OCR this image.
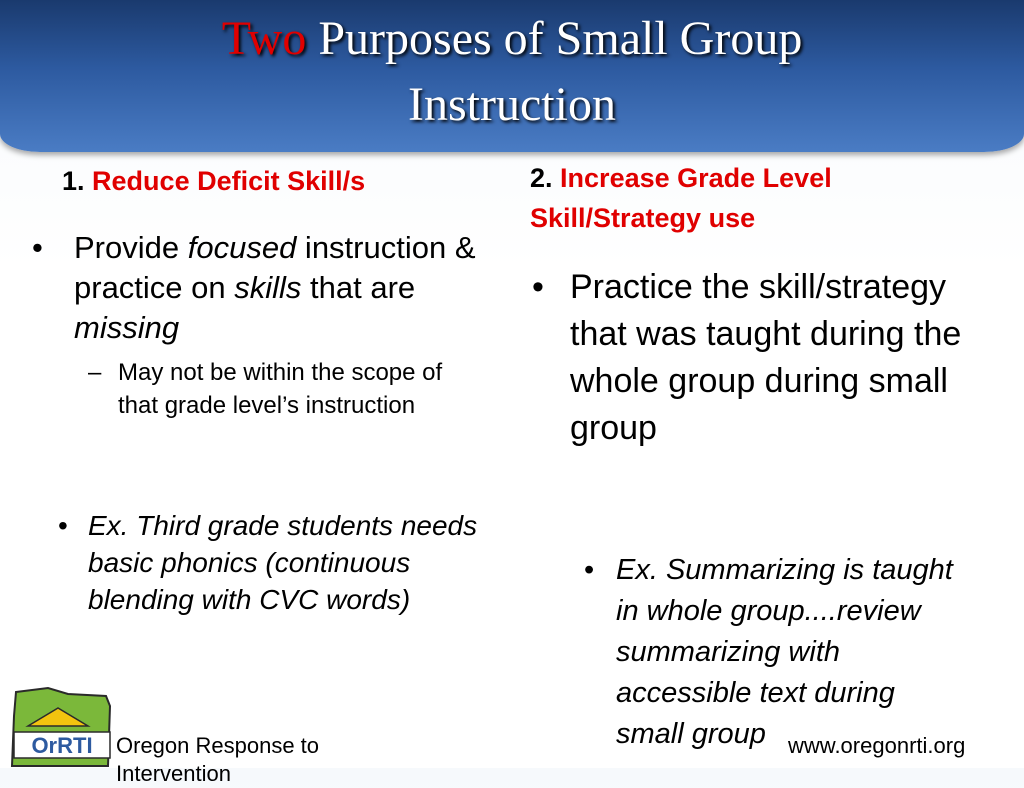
Two Purposes of Small Group
Instruction
1. Reduce Deficit Skill/s
• Provide focused instruction & practice on skills that are missing
– May not be within the scope of that grade level’s instruction
• Ex. Third grade students needs basic phonics (continuous blending with CVC words)
2. Increase Grade Level Skill/Strategy use
• Practice the skill/strategy that was taught during the whole group during small group
• Ex. Summarizing is taught in whole group....review summarizing with accessible text during small group
OrRTI Oregon Response to Intervention
www.oregonrti.org
